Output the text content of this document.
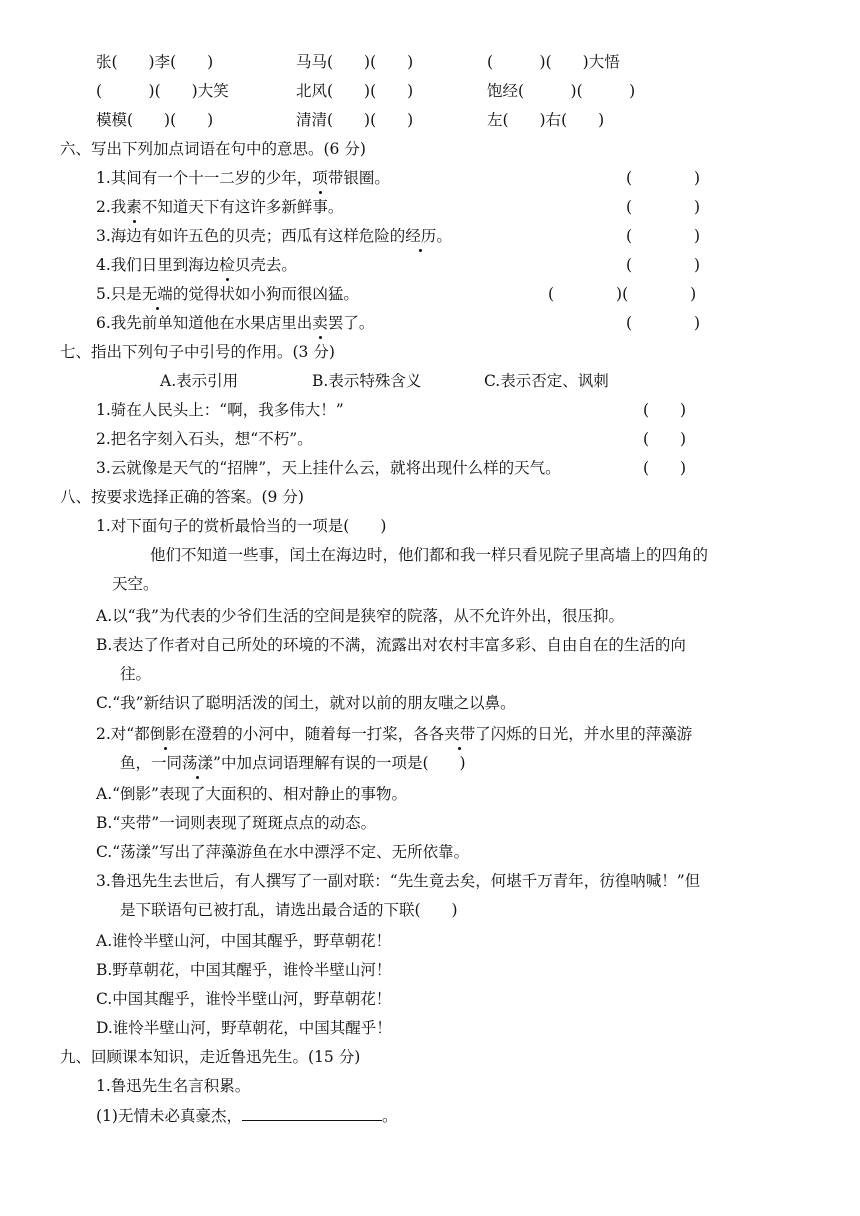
张(　　)李(　　)	马马(　　)(　　)	(　　　)(　　)大悟
(　　　)(　　)大笑	北风(　　)(　　)	饱经(　　　)(　　　)
模模(　　)(　　)	清清(　　)(　　)	左(　　)右(　　)
六、写出下列加点词语在句中的意思。(6 分)
1.其间有一个十一二岁的少年，项带银圈。	(　　　　)
2.我素不知道天下有这许多新鲜事。	(　　　　)
3.海边有如许五色的贝壳；西瓜有这样危险的经历。	(　　　　)
4.我们日里到海边检贝壳去。	(　　　　)
5.只是无端的觉得状如小狗而很凶猛。	(　　　　)(　　　　)
6.我先前单知道他在水果店里出卖罢了。	(　　　　)
七、指出下列句子中引号的作用。(3 分)
A.表示引用	B.表示特殊含义	C.表示否定、讽刺
1.骑在人民头上：“啊，我多伟大！”	(　　)
2.把名字刻入石头，想“不朽”。	(　　)
3.云就像是天气的“招牌”，天上挂什么云，就将出现什么样的天气。	(　　)
八、按要求选择正确的答案。(9 分)
1.对下面句子的赏析最恰当的一项是(　　)
他们不知道一些事，闰土在海边时，他们都和我一样只看见院子里高墙上的四角的
天空。
A.以“我”为代表的少爷们生活的空间是狭窄的院落，从不允许外出，很压抑。
B.表达了作者对自己所处的环境的不满，流露出对农村丰富多彩、自由自在的生活的向
往。
C.“我”新结识了聪明活泼的闰土，就对以前的朋友嗤之以鼻。
2.对“都倒影在澄碧的小河中，随着每一打桨，各各夹带了闪烁的日光，并水里的萍藻游
鱼，一同荡漾”中加点词语理解有误的一项是(　　)
A.“倒影”表现了大面积的、相对静止的事物。
B.“夹带”一词则表现了斑斑点点的动态。
C.“荡漾”写出了萍藻游鱼在水中漂浮不定、无所依靠。
3.鲁迅先生去世后，有人撰写了一副对联：“先生竟去矣，何堪千万青年，彷徨呐喊！”但
是下联语句已被打乱，请选出最合适的下联(　　)
A.谁怜半壁山河，中国其醒乎，野草朝花！
B.野草朝花，中国其醒乎，谁怜半壁山河！
C.中国其醒乎，谁怜半壁山河，野草朝花！
D.谁怜半壁山河，野草朝花，中国其醒乎！
九、回顾课本知识，走近鲁迅先生。(15 分)
1.鲁迅先生名言积累。
(1)无情未必真豪杰，	。
